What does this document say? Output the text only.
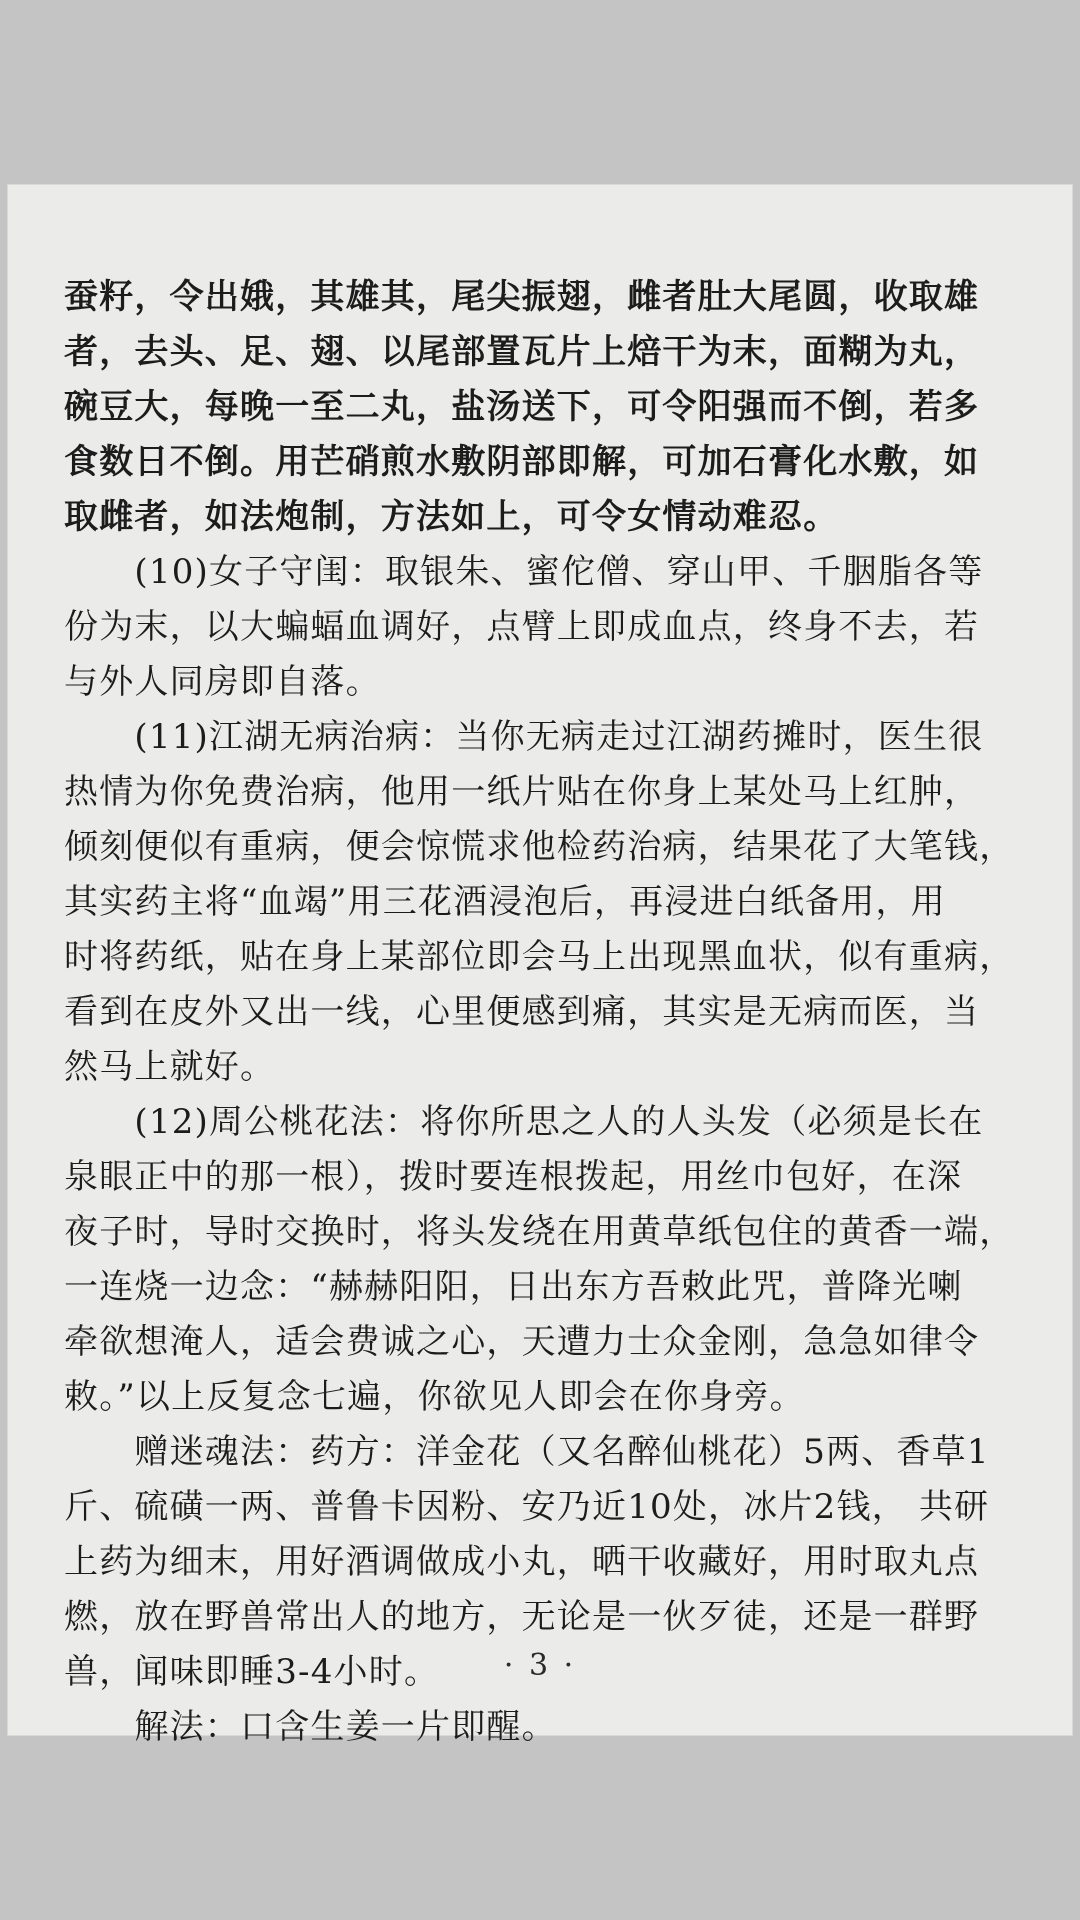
蚕籽，令出娥，其雄其，尾尖振翅，雌者肚大尾圆，收取雄
者，去头、足、翅、以尾部置瓦片上焙干为末，面糊为丸，
碗豆大，每晚一至二丸，盐汤送下，可令阳强而不倒，若多
食数日不倒。用芒硝煎水敷阴部即解，可加石膏化水敷，如
取雌者，如法炮制，方法如上，可令女情动难忍。
　　(10)女子守闺：取银朱、蜜佗僧、穿山甲、千胭脂各等
份为末，以大蝙蝠血调好，点臂上即成血点，终身不去，若
与外人同房即自落。
　　(11)江湖无病治病：当你无病走过江湖药摊时，医生很
热情为你免费治病，他用一纸片贴在你身上某处马上红肿，
倾刻便似有重病，便会惊慌求他检药治病，结果花了大笔钱，
其实药主将“血竭”用三花酒浸泡后，再浸进白纸备用，用
时将药纸，贴在身上某部位即会马上出现黑血状，似有重病，
看到在皮外又出一线，心里便感到痛，其实是无病而医，当
然马上就好。
　　(12)周公桃花法：将你所思之人的人头发（必须是长在
泉眼正中的那一根），拨时要连根拨起，用丝巾包好，在深
夜子时，导时交换时，将头发绕在用黄草纸包住的黄香一端，
一连烧一边念：“赫赫阳阳，日出东方吾敕此咒，普降光喇
牵欲想淹人，适会费诚之心，天遭力士众金刚，急急如律令
敕。”以上反复念七遍，你欲见人即会在你身旁。
　　赠迷魂法：药方：洋金花（又名醉仙桃花）5两、香草1
斤、硫磺一两、普鲁卡因粉、安乃近10处，冰片2钱， 共研
上药为细末，用好酒调做成小丸，晒干收藏好，用时取丸点
燃，放在野兽常出人的地方，无论是一伙歹徒，还是一群野
兽，闻味即睡3-4小时。
　　解法：口含生姜一片即醒。
· 3 ·
